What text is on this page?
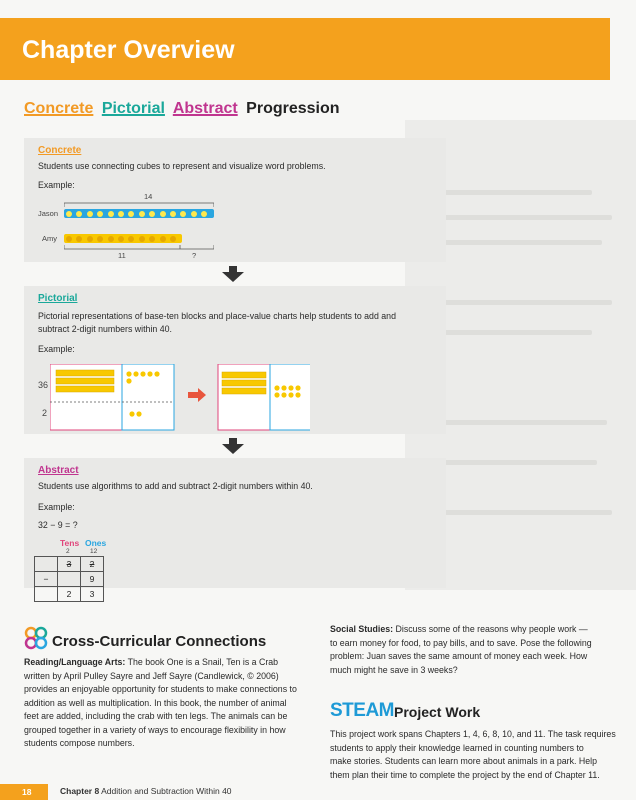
Chapter Overview
Concrete Pictorial Abstract Progression
Concrete
Students use connecting cubes to represent and visualize word problems.
Example:
14
Jason
Amy
11	?
Pictorial
Pictorial representations of base-ten blocks and place-value charts help students to add and
subtract 2-digit numbers within 40.
Example:
36
2
Abstract
Students use algorithms to add and subtract 2-digit numbers within 40.
Example:
32 − 9 = ?
Tens Ones
2	12
	3	2
−		9
	2	3
Cross-Curricular Connections
Reading/Language Arts: The book One is a Snail, Ten is a Crab
written by April Pulley Sayre and Jeff Sayre (Candlewick, © 2006)
provides an enjoyable opportunity for students to make connections to
addition as well as multiplication. In this book, the number of animal
feet are added, including the crab with ten legs. The animals can be
grouped together in a variety of ways to encourage flexibility in how
students compose numbers.
Social Studies: Discuss some of the reasons why people work —
to earn money for food, to pay bills, and to save. Pose the following
problem: Juan saves the same amount of money each week. How
much might he save in 3 weeks?
STEAM Project Work
This project work spans Chapters 1, 4, 6, 8, 10, and 11. The task requires
students to apply their knowledge learned in counting numbers to
make stories. Students can learn more about animals in a park. Help
them plan their time to complete the project by the end of Chapter 11.
18	Chapter 8 Addition and Subtraction Within 40
